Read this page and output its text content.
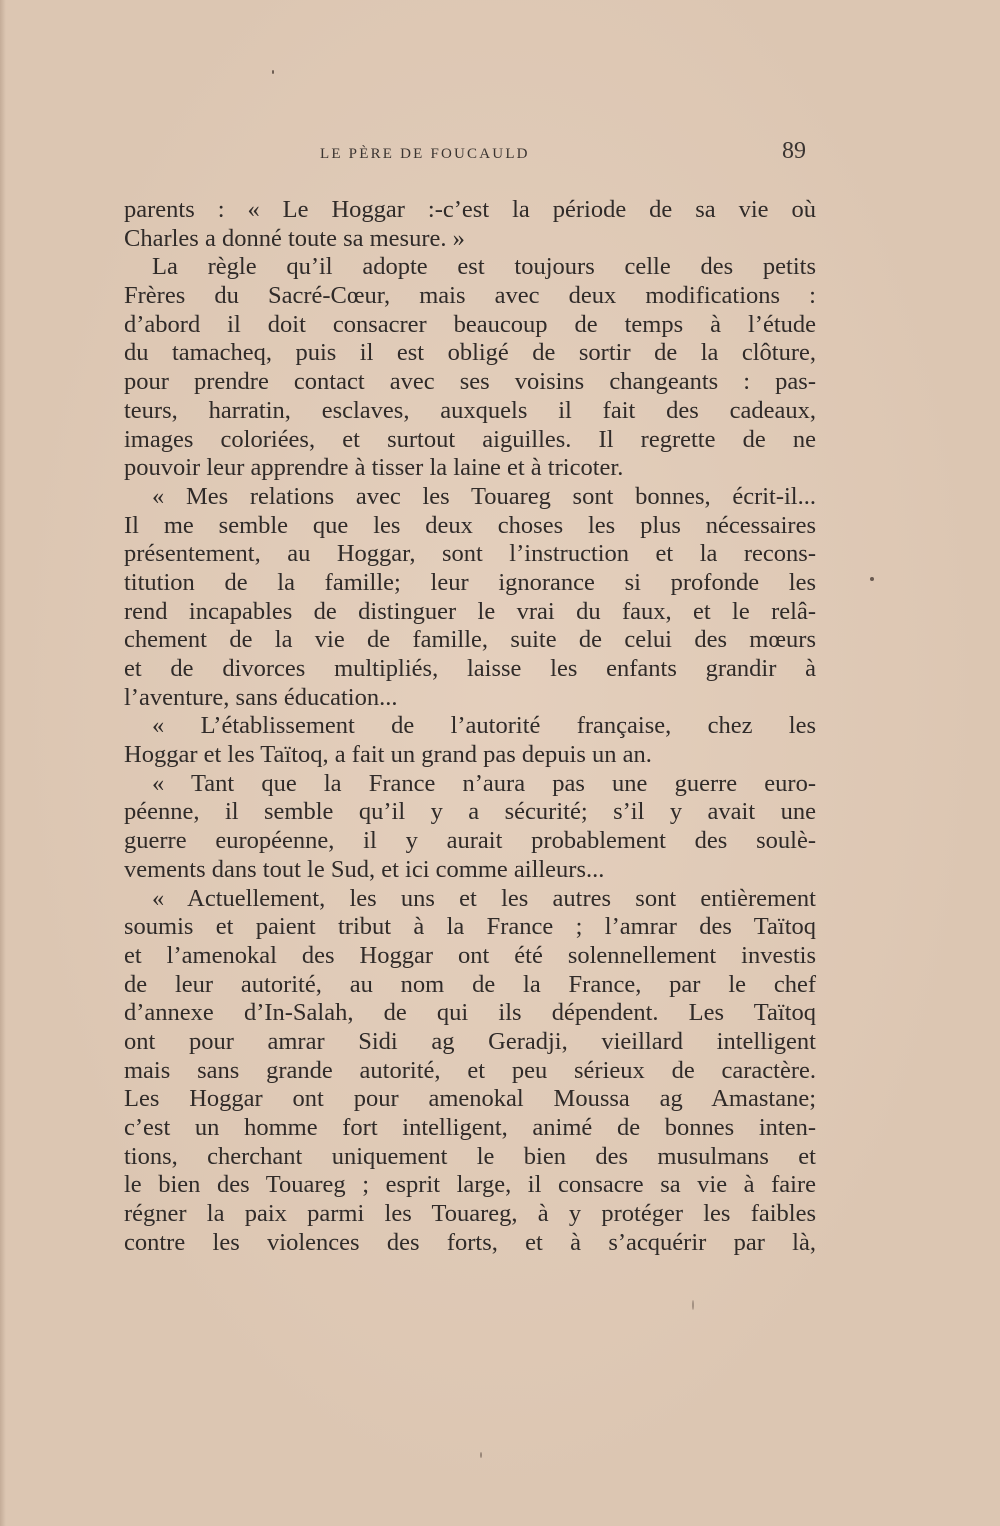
LE PÈRE DE FOUCAULD	89
parents : « Le Hoggar :-c’est la période de sa vie où
Charles a donné toute sa mesure. »
La règle qu’il adopte est toujours celle des petits
Frères du Sacré-Cœur, mais avec deux modifications :
d’abord il doit consacrer beaucoup de temps à l’étude
du tamacheq, puis il est obligé de sortir de la clôture,
pour prendre contact avec ses voisins changeants : pas-
teurs, harratin, esclaves, auxquels il fait des cadeaux,
images coloriées, et surtout aiguilles. Il regrette de ne
pouvoir leur apprendre à tisser la laine et à tricoter.
« Mes relations avec les Touareg sont bonnes, écrit-il...
Il me semble que les deux choses les plus nécessaires
présentement, au Hoggar, sont l’instruction et la recons-
titution de la famille; leur ignorance si profonde les
rend incapables de distinguer le vrai du faux, et le relâ-
chement de la vie de famille, suite de celui des mœurs
et de divorces multipliés, laisse les enfants grandir à
l’aventure, sans éducation...
« L’établissement de l’autorité française, chez les
Hoggar et les Taïtoq, a fait un grand pas depuis un an.
« Tant que la France n’aura pas une guerre euro-
péenne, il semble qu’il y a sécurité; s’il y avait une
guerre européenne, il y aurait probablement des soulè-
vements dans tout le Sud, et ici comme ailleurs...
« Actuellement, les uns et les autres sont entièrement
soumis et paient tribut à la France ; l’amrar des Taïtoq
et l’amenokal des Hoggar ont été solennellement investis
de leur autorité, au nom de la France, par le chef
d’annexe d’In-Salah, de qui ils dépendent. Les Taïtoq
ont pour amrar Sidi ag Geradji, vieillard intelligent
mais sans grande autorité, et peu sérieux de caractère.
Les Hoggar ont pour amenokal Moussa ag Amastane;
c’est un homme fort intelligent, animé de bonnes inten-
tions, cherchant uniquement le bien des musulmans et
le bien des Touareg ; esprit large, il consacre sa vie à faire
régner la paix parmi les Touareg, à y protéger les faibles
contre les violences des forts, et à s’acquérir par là,
